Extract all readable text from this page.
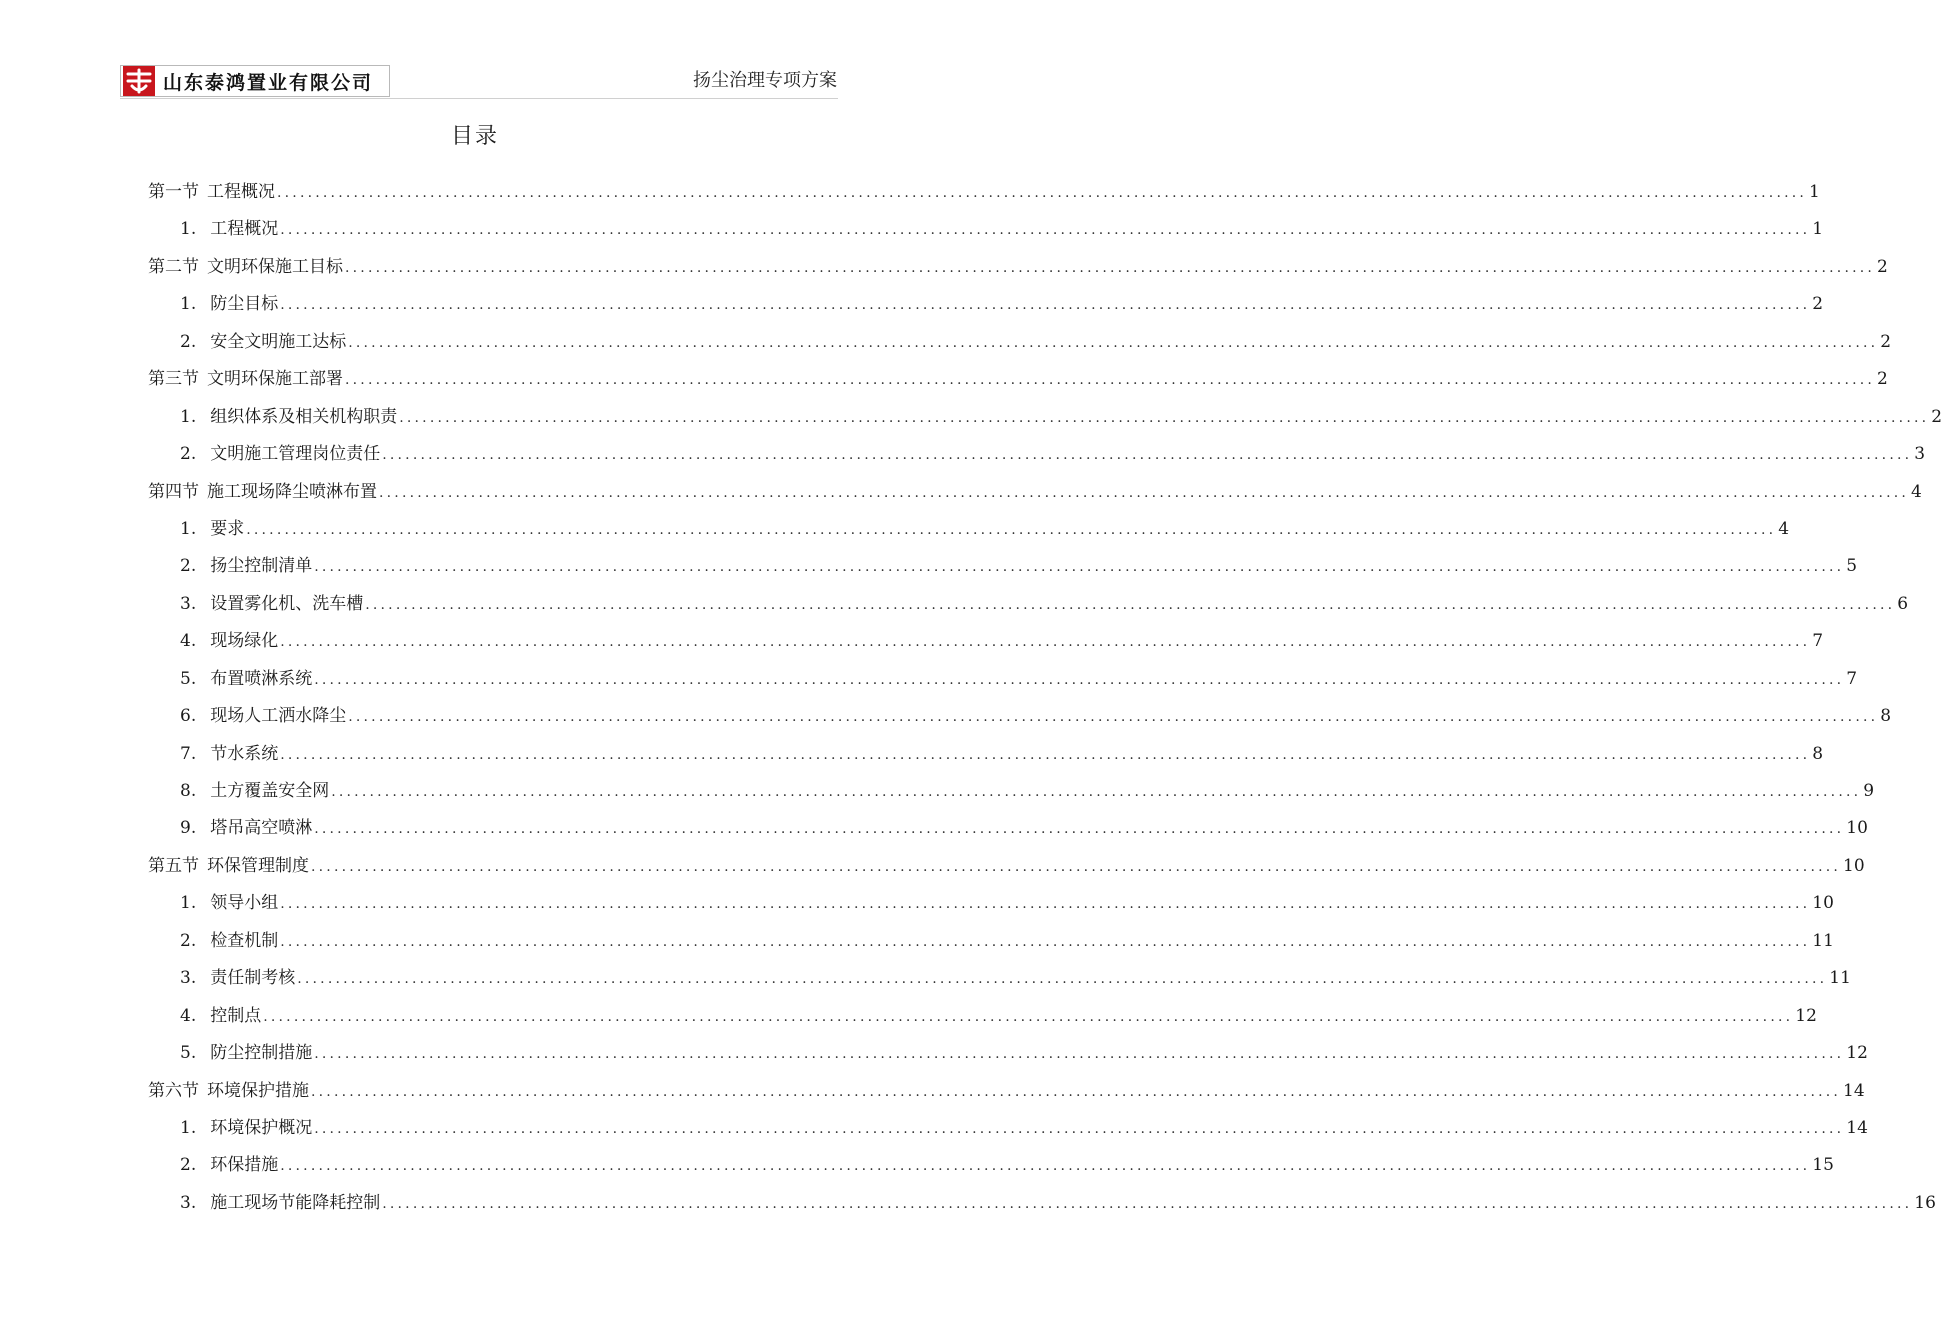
山东泰鸿置业有限公司	扬尘治理专项方案
目录
第一节 工程概况 ........................................................................................................................................................................................................ 1
1. 工程概况 ........................................................................................................................................................................................................ 1
第二节 文明环保施工目标 ........................................................................................................................................................................................................ 2
1. 防尘目标 ........................................................................................................................................................................................................ 2
2. 安全文明施工达标 ........................................................................................................................................................................................................ 2
第三节 文明环保施工部署 ........................................................................................................................................................................................................ 2
1. 组织体系及相关机构职责 ........................................................................................................................................................................................................ 2
2. 文明施工管理岗位责任 ........................................................................................................................................................................................................ 3
第四节 施工现场降尘喷淋布置 ........................................................................................................................................................................................................ 4
1. 要求 ........................................................................................................................................................................................................ 4
2. 扬尘控制清单 ........................................................................................................................................................................................................ 5
3. 设置雾化机、洗车槽 ........................................................................................................................................................................................................ 6
4. 现场绿化 ........................................................................................................................................................................................................ 7
5. 布置喷淋系统 ........................................................................................................................................................................................................ 7
6. 现场人工洒水降尘 ........................................................................................................................................................................................................ 8
7. 节水系统 ........................................................................................................................................................................................................ 8
8. 土方覆盖安全网 ........................................................................................................................................................................................................ 9
9. 塔吊高空喷淋 ........................................................................................................................................................................................................ 10
第五节 环保管理制度 ........................................................................................................................................................................................................ 10
1. 领导小组 ........................................................................................................................................................................................................ 10
2. 检查机制 ........................................................................................................................................................................................................ 11
3. 责任制考核 ........................................................................................................................................................................................................ 11
4. 控制点 ........................................................................................................................................................................................................ 12
5. 防尘控制措施 ........................................................................................................................................................................................................ 12
第六节 环境保护措施 ........................................................................................................................................................................................................ 14
1. 环境保护概况 ........................................................................................................................................................................................................ 14
2. 环保措施 ........................................................................................................................................................................................................ 15
3. 施工现场节能降耗控制 ........................................................................................................................................................................................................ 16
